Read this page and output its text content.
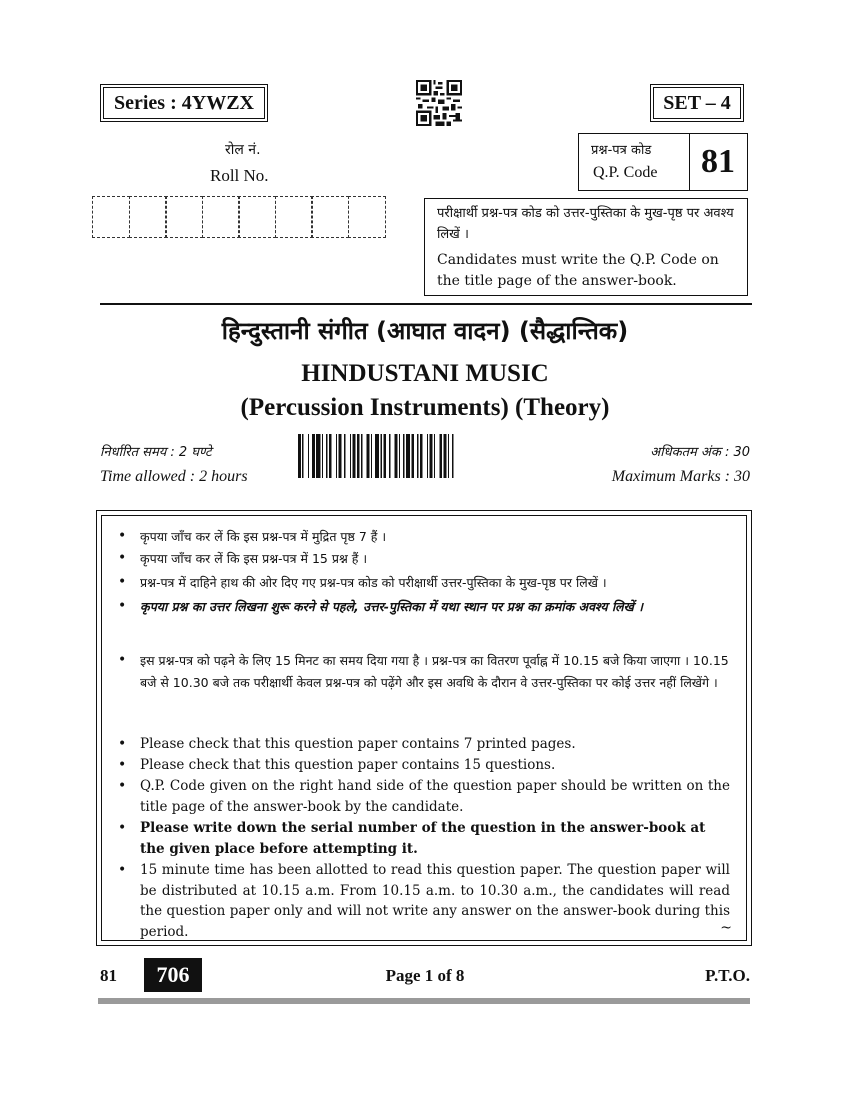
Series : 4YWZX	SET – 4
रोल नं.
Roll No.
प्रश्न-पत्र कोड
Q.P. Code	81
परीक्षार्थी प्रश्न-पत्र कोड को उत्तर-पुस्तिका के मुख-पृष्ठ पर अवश्य लिखें ।
Candidates must write the Q.P. Code on the title page of the answer-book.
हिन्दुस्तानी संगीत (आघात वादन) (सैद्धान्तिक)
HINDUSTANI MUSIC
(Percussion Instruments) (Theory)
निर्धारित समय : 2 घण्टे
Time allowed : 2 hours
अधिकतम अंक : 30
Maximum Marks : 30
• कृपया जाँच कर लें कि इस प्रश्न-पत्र में मुद्रित पृष्ठ 7 हैं ।
• कृपया जाँच कर लें कि इस प्रश्न-पत्र में 15 प्रश्न हैं ।
• प्रश्न-पत्र में दाहिने हाथ की ओर दिए गए प्रश्न-पत्र कोड को परीक्षार्थी उत्तर-पुस्तिका के मुख-पृष्ठ पर लिखें ।
• कृपया प्रश्न का उत्तर लिखना शुरू करने से पहले, उत्तर-पुस्तिका में यथा स्थान पर प्रश्न का क्रमांक अवश्य लिखें ।
• इस प्रश्न-पत्र को पढ़ने के लिए 15 मिनट का समय दिया गया है । प्रश्न-पत्र का वितरण पूर्वाह्न में 10.15 बजे किया जाएगा । 10.15 बजे से 10.30 बजे तक परीक्षार्थी केवल प्रश्न-पत्र को पढ़ेंगे और इस अवधि के दौरान वे उत्तर-पुस्तिका पर कोई उत्तर नहीं लिखेंगे ।
• Please check that this question paper contains 7 printed pages.
• Please check that this question paper contains 15 questions.
• Q.P. Code given on the right hand side of the question paper should be written on the title page of the answer-book by the candidate.
• Please write down the serial number of the question in the answer-book at the given place before attempting it.
• 15 minute time has been allotted to read this question paper. The question paper will be distributed at 10.15 a.m. From 10.15 a.m. to 10.30 a.m., the candidates will read the question paper only and will not write any answer on the answer-book during this period.	~
81	706	Page 1 of 8	P.T.O.
